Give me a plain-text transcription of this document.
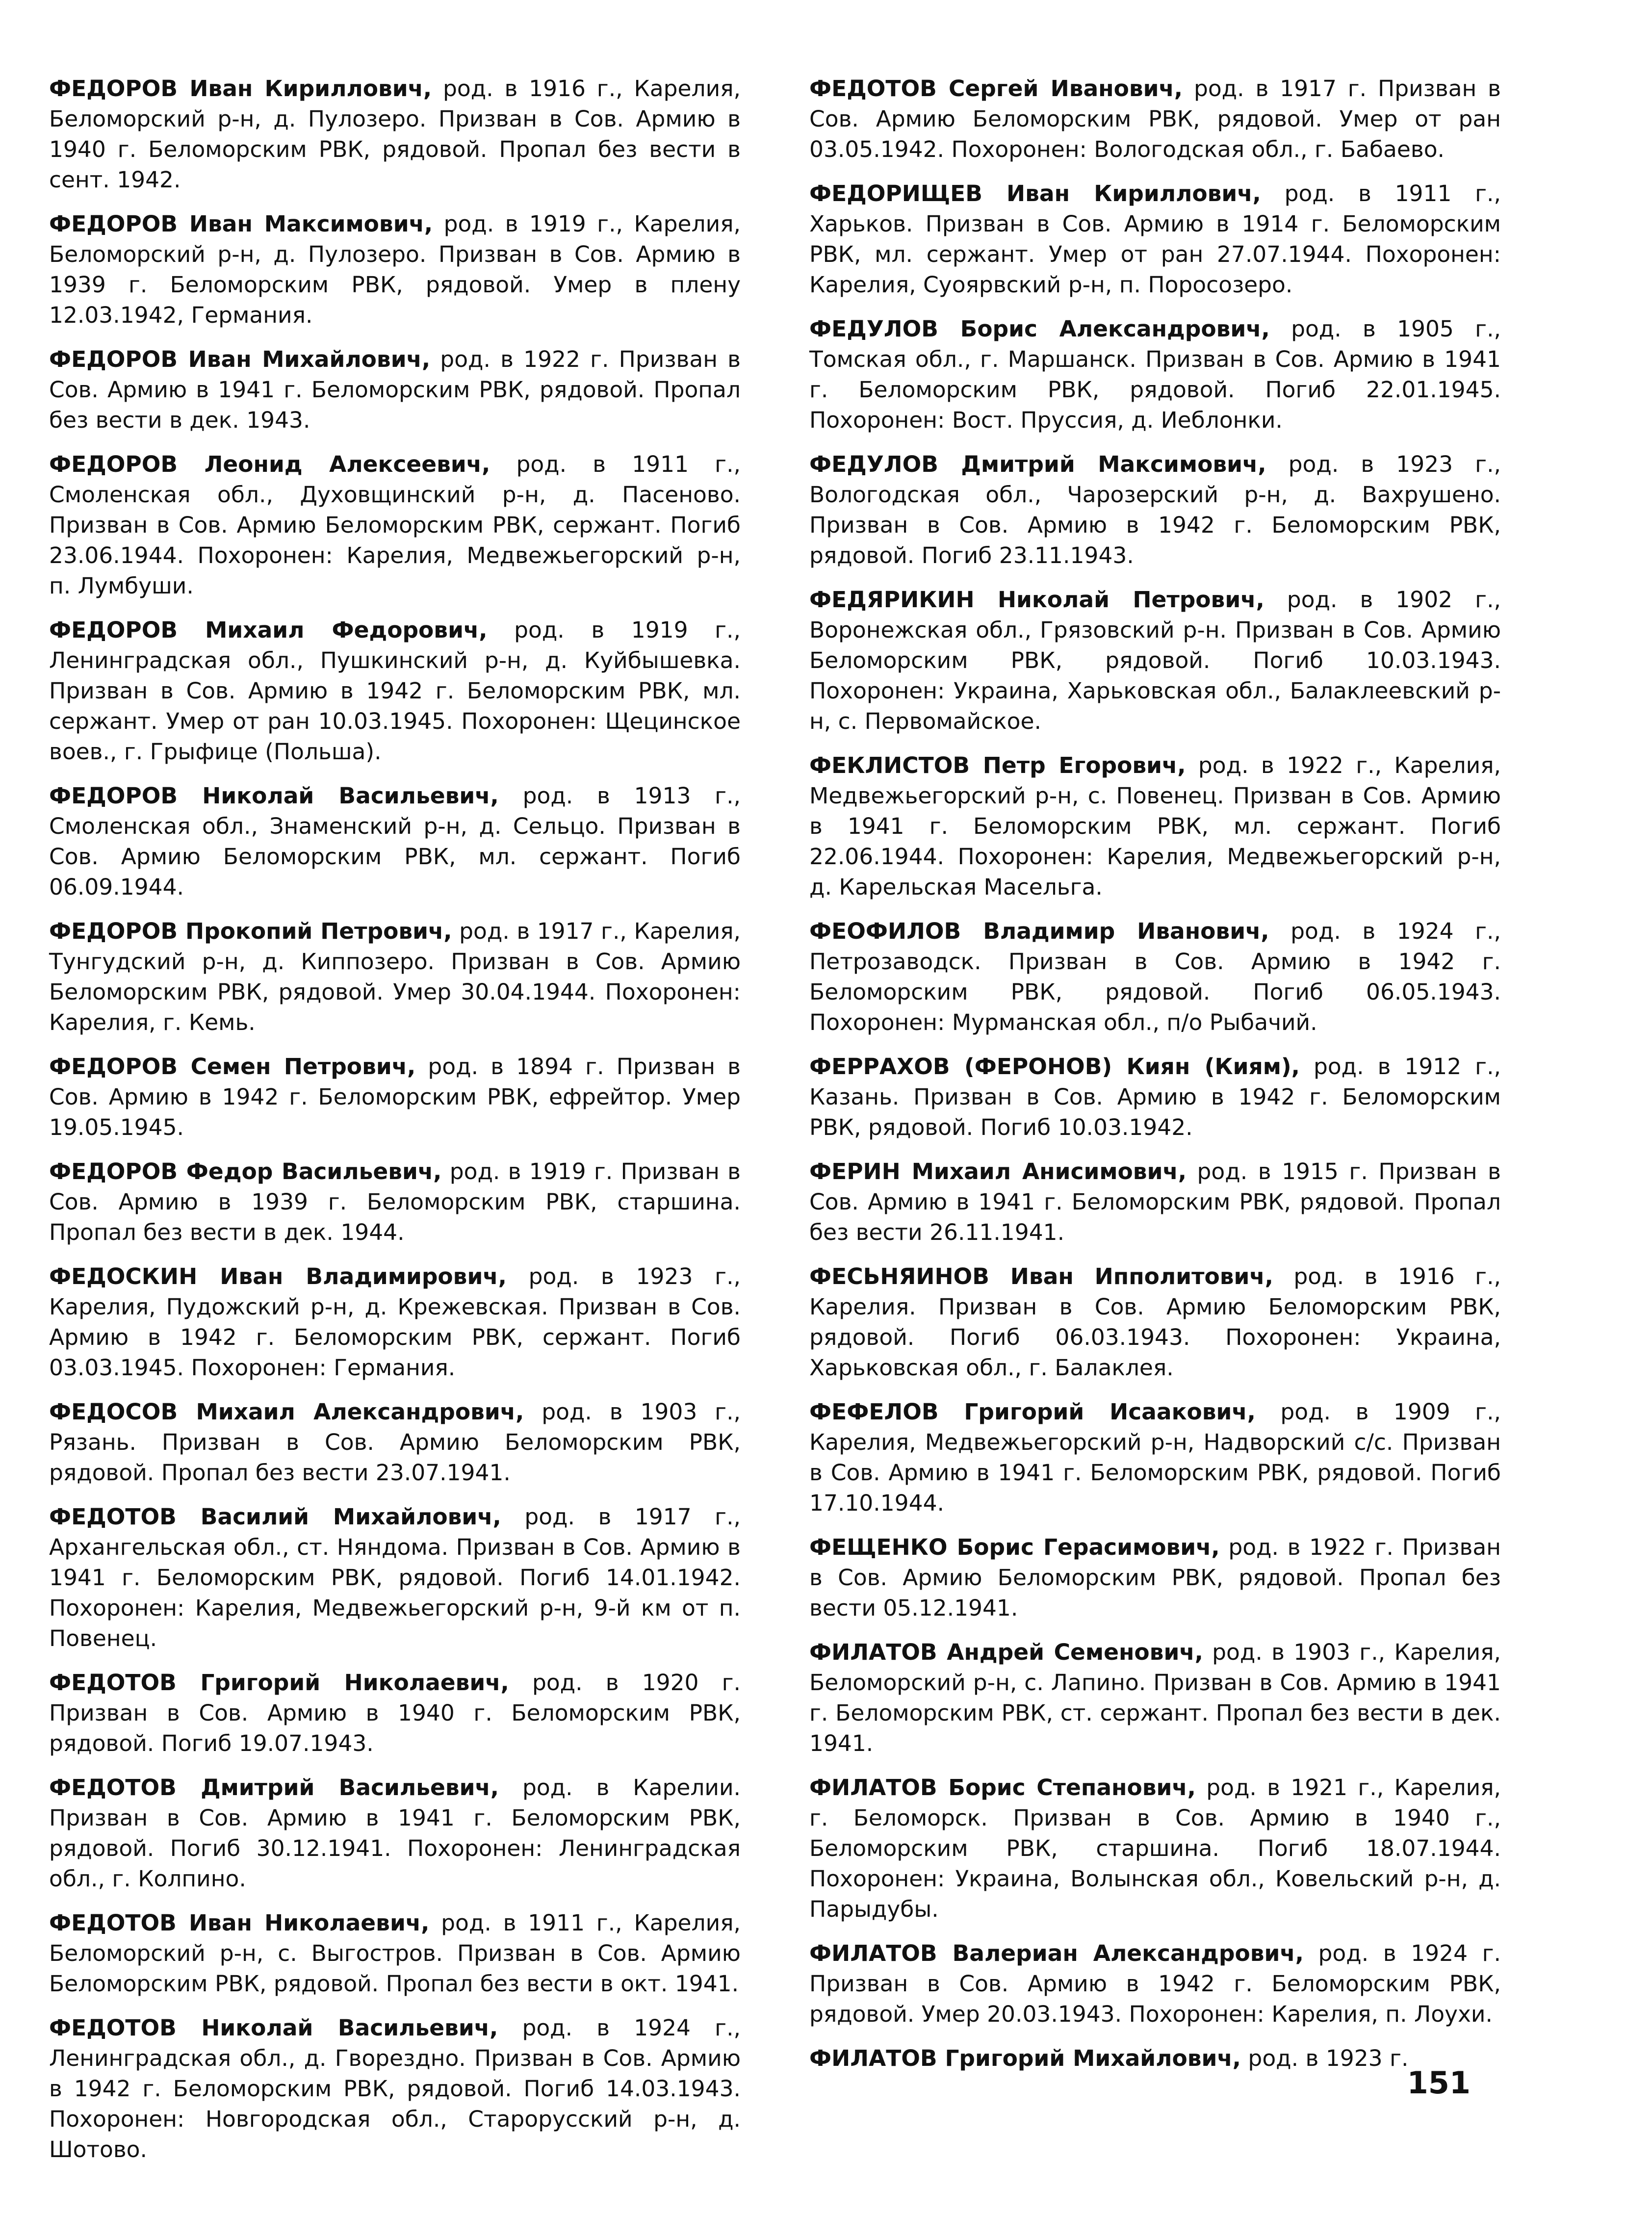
ФЕДОРОВ Иван Кириллович, род. в 1916 г., Карелия, Беломорский р-н, д. Пулозеро. Призван в Сов. Армию в 1940 г. Беломорским РВК, рядовой. Пропал без вести в сент. 1942.

ФЕДОРОВ Иван Максимович, род. в 1919 г., Карелия, Беломорский р-н, д. Пулозеро. Призван в Сов. Армию в 1939 г. Беломорским РВК, рядовой. Умер в плену 12.03.1942, Германия.

ФЕДОРОВ Иван Михайлович, род. в 1922 г. Призван в Сов. Армию в 1941 г. Беломорским РВК, рядовой. Пропал без вести в дек. 1943.

ФЕДОРОВ Леонид Алексеевич, род. в 1911 г., Смоленская обл., Духовщинский р-н, д. Пасеново. Призван в Сов. Армию Беломорским РВК, сержант. Погиб 23.06.1944. Похоронен: Карелия, Медвежьегорский р-н, п. Лумбуши.

ФЕДОРОВ Михаил Федорович, род. в 1919 г., Ленинградская обл., Пушкинский р-н, д. Куйбышевка. Призван в Сов. Армию в 1942 г. Беломорским РВК, мл. сержант. Умер от ран 10.03.1945. Похоронен: Щецинское воев., г. Грыфице (Польша).

ФЕДОРОВ Николай Васильевич, род. в 1913 г., Смоленская обл., Знаменский р-н, д. Сельцо. Призван в Сов. Армию Беломорским РВК, мл. сержант. Погиб 06.09.1944.

ФЕДОРОВ Прокопий Петрович, род. в 1917 г., Карелия, Тунгудский р-н, д. Киппозеро. Призван в Сов. Армию Беломорским РВК, рядовой. Умер 30.04.1944. Похоронен: Карелия, г. Кемь.

ФЕДОРОВ Семен Петрович, род. в 1894 г. Призван в Сов. Армию в 1942 г. Беломорским РВК, ефрейтор. Умер 19.05.1945.

ФЕДОРОВ Федор Васильевич, род. в 1919 г. Призван в Сов. Армию в 1939 г. Беломорским РВК, старшина. Пропал без вести в дек. 1944.

ФЕДОСКИН Иван Владимирович, род. в 1923 г., Карелия, Пудожский р-н, д. Крежевская. Призван в Сов. Армию в 1942 г. Беломорским РВК, сержант. Погиб 03.03.1945. Похоронен: Германия.

ФЕДОСОВ Михаил Александрович, род. в 1903 г., Рязань. Призван в Сов. Армию Беломорским РВК, рядовой. Пропал без вести 23.07.1941.

ФЕДОТОВ Василий Михайлович, род. в 1917 г., Архангельская обл., ст. Няндома. Призван в Сов. Армию в 1941 г. Беломорским РВК, рядовой. Погиб 14.01.1942. Похоронен: Карелия, Медвежьегорский р-н, 9-й км от п. Повенец.

ФЕДОТОВ Григорий Николаевич, род. в 1920 г. Призван в Сов. Армию в 1940 г. Беломорским РВК, рядовой. Погиб 19.07.1943.

ФЕДОТОВ Дмитрий Васильевич, род. в Карелии. Призван в Сов. Армию в 1941 г. Беломорским РВК, рядовой. Погиб 30.12.1941. Похоронен: Ленинградская обл., г. Колпино.

ФЕДОТОВ Иван Николаевич, род. в 1911 г., Карелия, Беломорский р-н, с. Выгостров. Призван в Сов. Армию Беломорским РВК, рядовой. Пропал без вести в окт. 1941.

ФЕДОТОВ Николай Васильевич, род. в 1924 г., Ленинградская обл., д. Гворездно. Призван в Сов. Армию в 1942 г. Беломорским РВК, рядовой. Погиб 14.03.1943. Похоронен: Новгородская обл., Старорусский р-н, д. Шотово.

ФЕДОТОВ Сергей Иванович, род. в 1917 г. Призван в Сов. Армию Беломорским РВК, рядовой. Умер от ран 03.05.1942. Похоронен: Вологодская обл., г. Бабаево.

ФЕДОРИЩЕВ Иван Кириллович, род. в 1911 г., Харьков. Призван в Сов. Армию в 1914 г. Беломорским РВК, мл. сержант. Умер от ран 27.07.1944. Похоронен: Карелия, Суоярвский р-н, п. Поросозеро.

ФЕДУЛОВ Борис Александрович, род. в 1905 г., Томская обл., г. Маршанск. Призван в Сов. Армию в 1941 г. Беломорским РВК, рядовой. Погиб 22.01.1945. Похоронен: Вост. Пруссия, д. Иеблонки.

ФЕДУЛОВ Дмитрий Максимович, род. в 1923 г., Вологодская обл., Чарозерский р-н, д. Вахрушено. Призван в Сов. Армию в 1942 г. Беломорским РВК, рядовой. Погиб 23.11.1943.

ФЕДЯРИКИН Николай Петрович, род. в 1902 г., Воронежская обл., Грязовский р-н. Призван в Сов. Армию Беломорским РВК, рядовой. Погиб 10.03.1943. Похоронен: Украина, Харьковская обл., Балаклеевский р-н, с. Первомайское.

ФЕКЛИСТОВ Петр Егорович, род. в 1922 г., Карелия, Медвежьегорский р-н, с. Повенец. Призван в Сов. Армию в 1941 г. Беломорским РВК, мл. сержант. Погиб 22.06.1944. Похоронен: Карелия, Медвежьегорский р-н, д. Карельская Масельга.

ФЕОФИЛОВ Владимир Иванович, род. в 1924 г., Петрозаводск. Призван в Сов. Армию в 1942 г. Беломорским РВК, рядовой. Погиб 06.05.1943. Похоронен: Мурманская обл., п/о Рыбачий.

ФЕРРАХОВ (ФЕРОНОВ) Киян (Киям), род. в 1912 г., Казань. Призван в Сов. Армию в 1942 г. Беломорским РВК, рядовой. Погиб 10.03.1942.

ФЕРИН Михаил Анисимович, род. в 1915 г. Призван в Сов. Армию в 1941 г. Беломорским РВК, рядовой. Пропал без вести 26.11.1941.

ФЕСЬНЯИНОВ Иван Ипполитович, род. в 1916 г., Карелия. Призван в Сов. Армию Беломорским РВК, рядовой. Погиб 06.03.1943. Похоронен: Украина, Харьковская обл., г. Балаклея.

ФЕФЕЛОВ Григорий Исаакович, род. в 1909 г., Карелия, Медвежьегорский р-н, Надворский с/с. Призван в Сов. Армию в 1941 г. Беломорским РВК, рядовой. Погиб 17.10.1944.

ФЕЩЕНКО Борис Герасимович, род. в 1922 г. Призван в Сов. Армию Беломорским РВК, рядовой. Пропал без вести 05.12.1941.

ФИЛАТОВ Андрей Семенович, род. в 1903 г., Карелия, Беломорский р-н, с. Лапино. Призван в Сов. Армию в 1941 г. Беломорским РВК, ст. сержант. Пропал без вести в дек. 1941.

ФИЛАТОВ Борис Степанович, род. в 1921 г., Карелия, г. Беломорск. Призван в Сов. Армию в 1940 г., Беломорским РВК, старшина. Погиб 18.07.1944. Похоронен: Украина, Волынская обл., Ковельский р-н, д. Парыдубы.

ФИЛАТОВ Валериан Александрович, род. в 1924 г. Призван в Сов. Армию в 1942 г. Беломорским РВК, рядовой. Умер 20.03.1943. Похоронен: Карелия, п. Лоухи.

ФИЛАТОВ Григорий Михайлович, род. в 1923 г.

151
